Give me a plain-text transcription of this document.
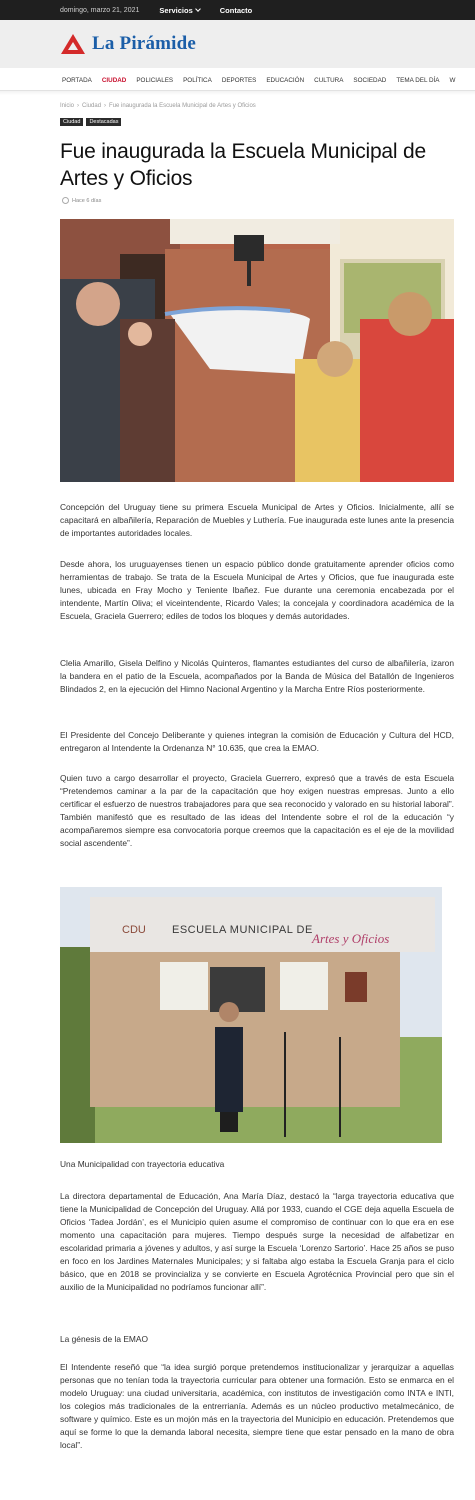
domingo, marzo 21, 2021	Servicios	Contacto
La Pirámide
PORTADA CIUDAD POLICIALES POLÍTICA DEPORTES EDUCACIÓN CULTURA SOCIEDAD TEMA DEL DÍA W
Inicio › Ciudad › Fue inaugurada la Escuela Municipal de Artes y Oficios
Ciudad	Destacadas
Fue inaugurada la Escuela Municipal de Artes y Oficios
Hace 6 días

Concepción del Uruguay tiene su primera Escuela Municipal de Artes y Oficios. Inicialmente, allí se capacitará en albañilería, Reparación de Muebles y Luthería. Fue inaugurada este lunes ante la presencia de importantes autoridades locales.

Desde ahora, los uruguayenses tienen un espacio público donde gratuitamente aprender oficios como herramientas de trabajo. Se trata de la Escuela Municipal de Artes y Oficios, que fue inaugurada este lunes, ubicada en Fray Mocho y Teniente Ibañez. Fue durante una ceremonia encabezada por el intendente, Martín Oliva; el viceintendente, Ricardo Vales; la concejala y coordinadora académica de la Escuela, Graciela Guerrero; ediles de todos los bloques y demás autoridades.

Clelia Amarillo, Gisela Delfino y Nicolás Quinteros, flamantes estudiantes del curso de albañilería, izaron la bandera en el patio de la Escuela, acompañados por la Banda de Música del Batallón de Ingenieros Blindados 2, en la ejecución del Himno Nacional Argentino y la Marcha Entre Ríos posteriormente.

El Presidente del Concejo Deliberante y quienes integran la comisión de Educación y Cultura del HCD, entregaron al Intendente la Ordenanza N° 10.635, que crea la EMAO.

Quien tuvo a cargo desarrollar el proyecto, Graciela Guerrero, expresó que a través de esta Escuela “Pretendemos caminar a la par de la capacitación que hoy exigen nuestras empresas. Junto a ello certificar el esfuerzo de nuestros trabajadores para que sea reconocido y valorado en su historial laboral”. También manifestó que es resultado de las ideas del Intendente sobre el rol de la educación “y acompañaremos siempre esa convocatoria porque creemos que la capacitación es el eje de la movilidad social ascendente”.

CDU ESCUELA MUNICIPAL DE
Artes y Oficios
Una Municipalidad con trayectoria educativa

La directora departamental de Educación, Ana María Díaz, destacó la “larga trayectoria educativa que tiene la Municipalidad de Concepción del Uruguay. Allá por 1933, cuando el CGE deja aquella Escuela de Oficios ‘Tadea Jordán’, es el Municipio quien asume el compromiso de continuar con lo que era en ese momento una capacitación para mujeres. Tiempo después surge la necesidad de alfabetizar en escolaridad primaria a jóvenes y adultos, y así surge la Escuela ‘Lorenzo Sartorio’. Hace 25 años se puso en foco en los Jardines Maternales Municipales; y si faltaba algo estaba la Escuela Granja para el ciclo básico, que en 2018 se provincializa y se convierte en Escuela Agrotécnica Provincial pero que sin el auxilio de la Municipalidad no podríamos funcionar allí”.

La génesis de la EMAO

El Intendente reseñó que “la idea surgió porque pretendemos institucionalizar y jerarquizar a aquellas personas que no tenían toda la trayectoria curricular para obtener una formación. Esto se enmarca en el modelo Uruguay: una ciudad universitaria, académica, con institutos de investigación como INTA e INTI, los colegios más tradicionales de la entrerrianía. Además es un núcleo productivo metalmecánico, de software y químico. Este es un mojón más en la trayectoria del Municipio en educación. Pretendemos que aquí se forme lo que la demanda laboral necesita, siempre tiene que estar pensado en la mano de obra local”.
